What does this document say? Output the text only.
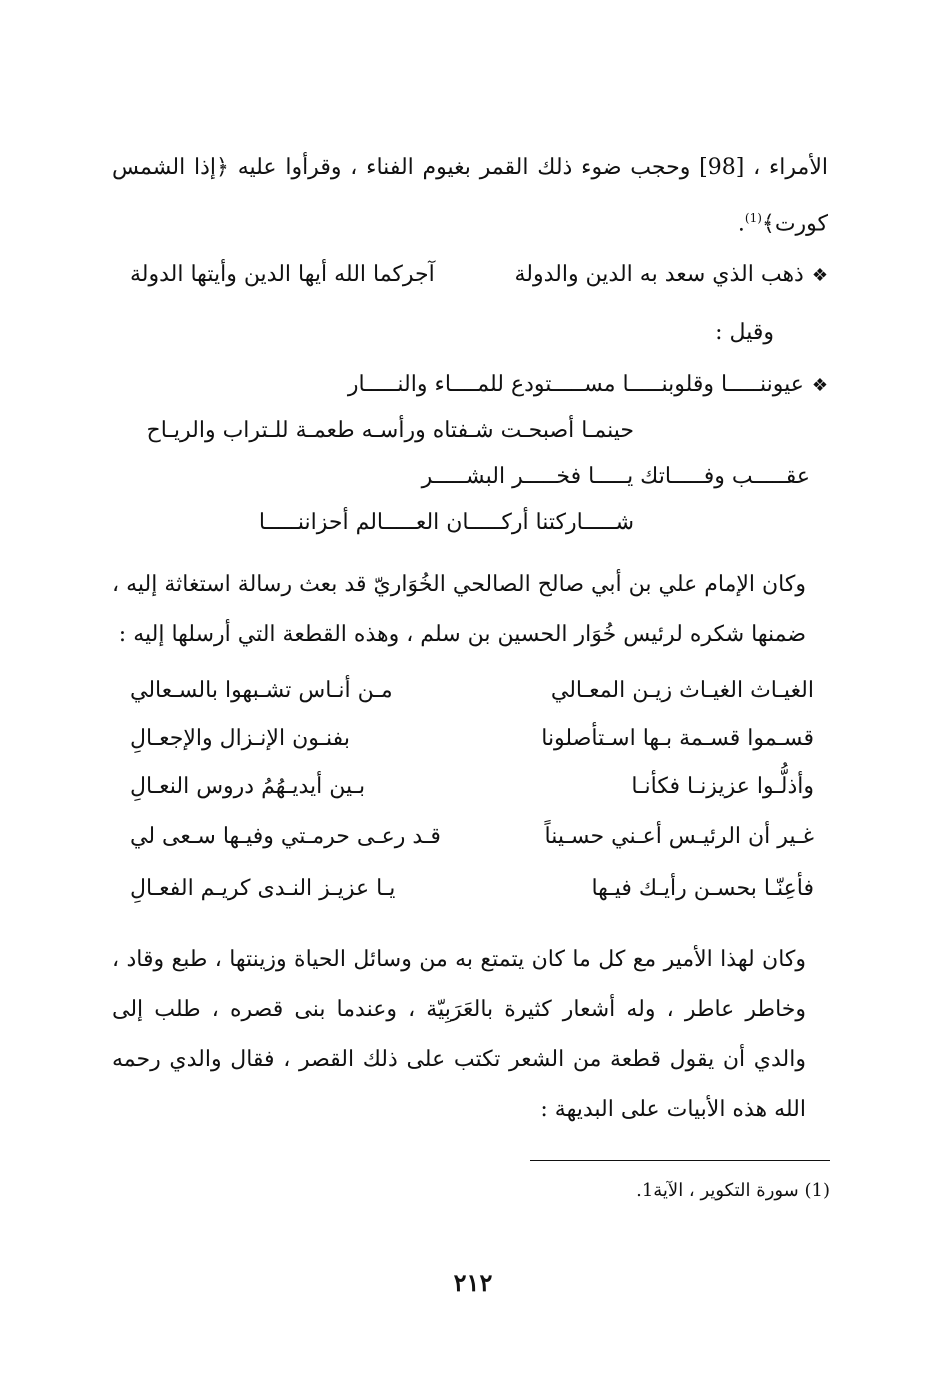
الأمراء ، [98] وحجب ضوء ذلك القمر بغيوم الفناء ، وقرأوا عليه ﴿إذا الشمس كورت﴾$^{(1)}$.
❖ذهب الذي سعد به الدين والدولة
آجركما الله أيها الدين وأيتها الدولة
وقيل :
❖عيوننـــــا وقلوبنـــــا مســـــتودع للمــــاء والنـــــار
حينمـا أصبحـت شـفتاه ورأسـه طعمـة للـتراب والريـاح
عقـــــب وفـــــاتك يـــــا فخـــــر البشـــــر
شـــــاركتنا أركـــــان العـــــالم أحزاننـــــا
وكان الإمام علي بن أبي صالح الصالحي الخُوَاريّ قد بعث رسالة استغاثة إليه ، ضمنها شكره لرئيس خُوَار الحسين بن سلم ، وهذه القطعة التي أرسلها إليه :
الغيـاث الغيـاث زيـن المعـالي
مـن أنـاس تشـبهوا بالسـعالي
قسـموا قسـمة بـها اسـتأصلونا
بفنـون الإنـزال والإجعـالِ
وأذلُّـوا عزيزنـا فكأنـا
بـين أيديـهُمُ دروس النعـالِ
غـير أن الرئيـس أعـني حسـيناً
قـد رعـى حرمـتي وفيـها سـعى لي
فأعِنّـا بحسـن رأيـك فيـها
يـا عزيـز النـدى كريـم الفعـالِ
وكان لهذا الأمير مع كل ما كان يتمتع به من وسائل الحياة وزينتها ، طبع وقاد ، وخاطر عاطر ، وله أشعار كثيرة بالعَرَبِيّة ، وعندما بنى قصره ، طلب إلى والدي أن يقول قطعة من الشعر تكتب على ذلك القصر ، فقال والدي رحمه الله هذه الأبيات على البديهة :
(1) سورة التكوير ، الآية1.
٢١٢
